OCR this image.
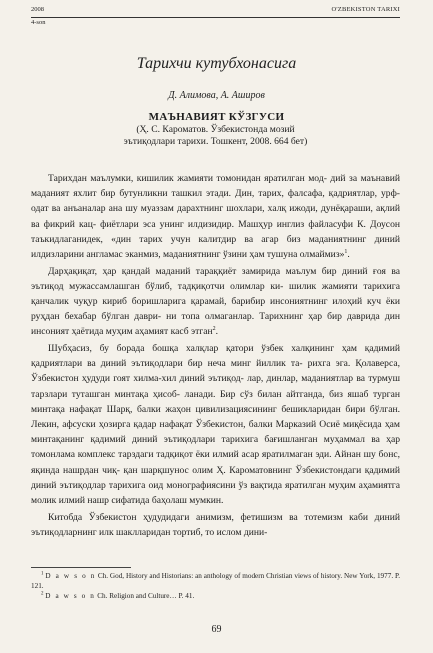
2008	O'ZBEKISTON TARIXI
4-son
Тарихчи кутубхонасига
Д. Алимова, А. Аширов
МАЪНАВИЯТ КЎЗГУСИ
(Ҳ. С. Кароматов. Ўзбекистонда мозий
эътиқодлари тарихи. Тошкент, 2008. 664 бет)

Тарихдан маълумки, кишилик жамияти томонидан яратилган мод- дий за маънавий маданият яхлит бир бутунликни ташкил этади. Дин, тарих, фалсафа, қадриятлар, урф-одат ва анъаналар ана шу муаззам дарахтнинг шохлари, халқ ижоди, дунёқараши, ақлий ва фикрий кац- фиётлари эса унинг илдизидир. Машҳур инглиз файласуфи К. Доусон таъкидлаганидек, «дин тарих учун калитдир ва агар биз маданиятнинг диний илдизларини англамас эканмиз, маданиятнинг ўзини ҳам тушуна олмаймиз»$^1$.

Дарҳақиқат, ҳар қандай маданий тараққиёт замирида маълум бир диний ғоя ва эътиқод мужассамлашган бўлиб, тадқиқотчи олимлар ки- шилик жамияти тарихига қанчалик чуқур кириб боришларига қарамай, барибир инсониятнинг илоҳий куч ёки руҳдан бехабар бўлган даври- ни топа олмаганлар. Тарихнинг ҳар бир даврида дин инсоният ҳаётида муҳим аҳамият касб этган$^2$.

Шубҳасиз, бу борада бошқа халқлар қатори ўзбек халқининг ҳам қадимий қадриятлари ва диний эътиқодлари бир неча минг йиллик та- рихга эга. Қолаверса, Ўзбекистон ҳудуди гоят хилма-хил диний эътиқод- лар, динлар, маданиятлар ва турмуш тарзлари туташган минтақа ҳисоб- ланади. Бир сўз билан айтганда, биз яшаб турган минтақа нафақат Шарқ, балки жаҳон цивилизациясининг бешикларидан бири бўлган. Лекин, афсуски ҳозирга қадар нафақат Ўзбекистон, балки Марказий Осиё миқёсида ҳам минтақанинг қадимий диний эътиқодлари тарихига бағишланган муҳаммал ва ҳар томонлама комплекс тарздаги тадқиқот ёки илмий асар яратилмаган эди. Айнан шу бонс, яқинда нашрдан чиқ- қан шарқшунос олим Ҳ. Кароматовнинг Ўзбекистондаги қадимий диний эътиқодлар тарихига оид монографиясини ўз вақтида яратилган муҳим аҳамиятга молик илмий нашр сифатида баҳолаш мумкин.

Китобда Ўзбекистон ҳудудидаги анимизм, фетишизм ва тотемизм каби диний эътиқодларнинг илк шаклларидан тортиб, то ислом дини-

$^1$ D a w s o n Ch. God, History and Historians: an anthology of modern Christian views of history. New York, 1977. P. 121.

$^2$ D a w s o n Ch. Religion and Culture… P. 41.

69
